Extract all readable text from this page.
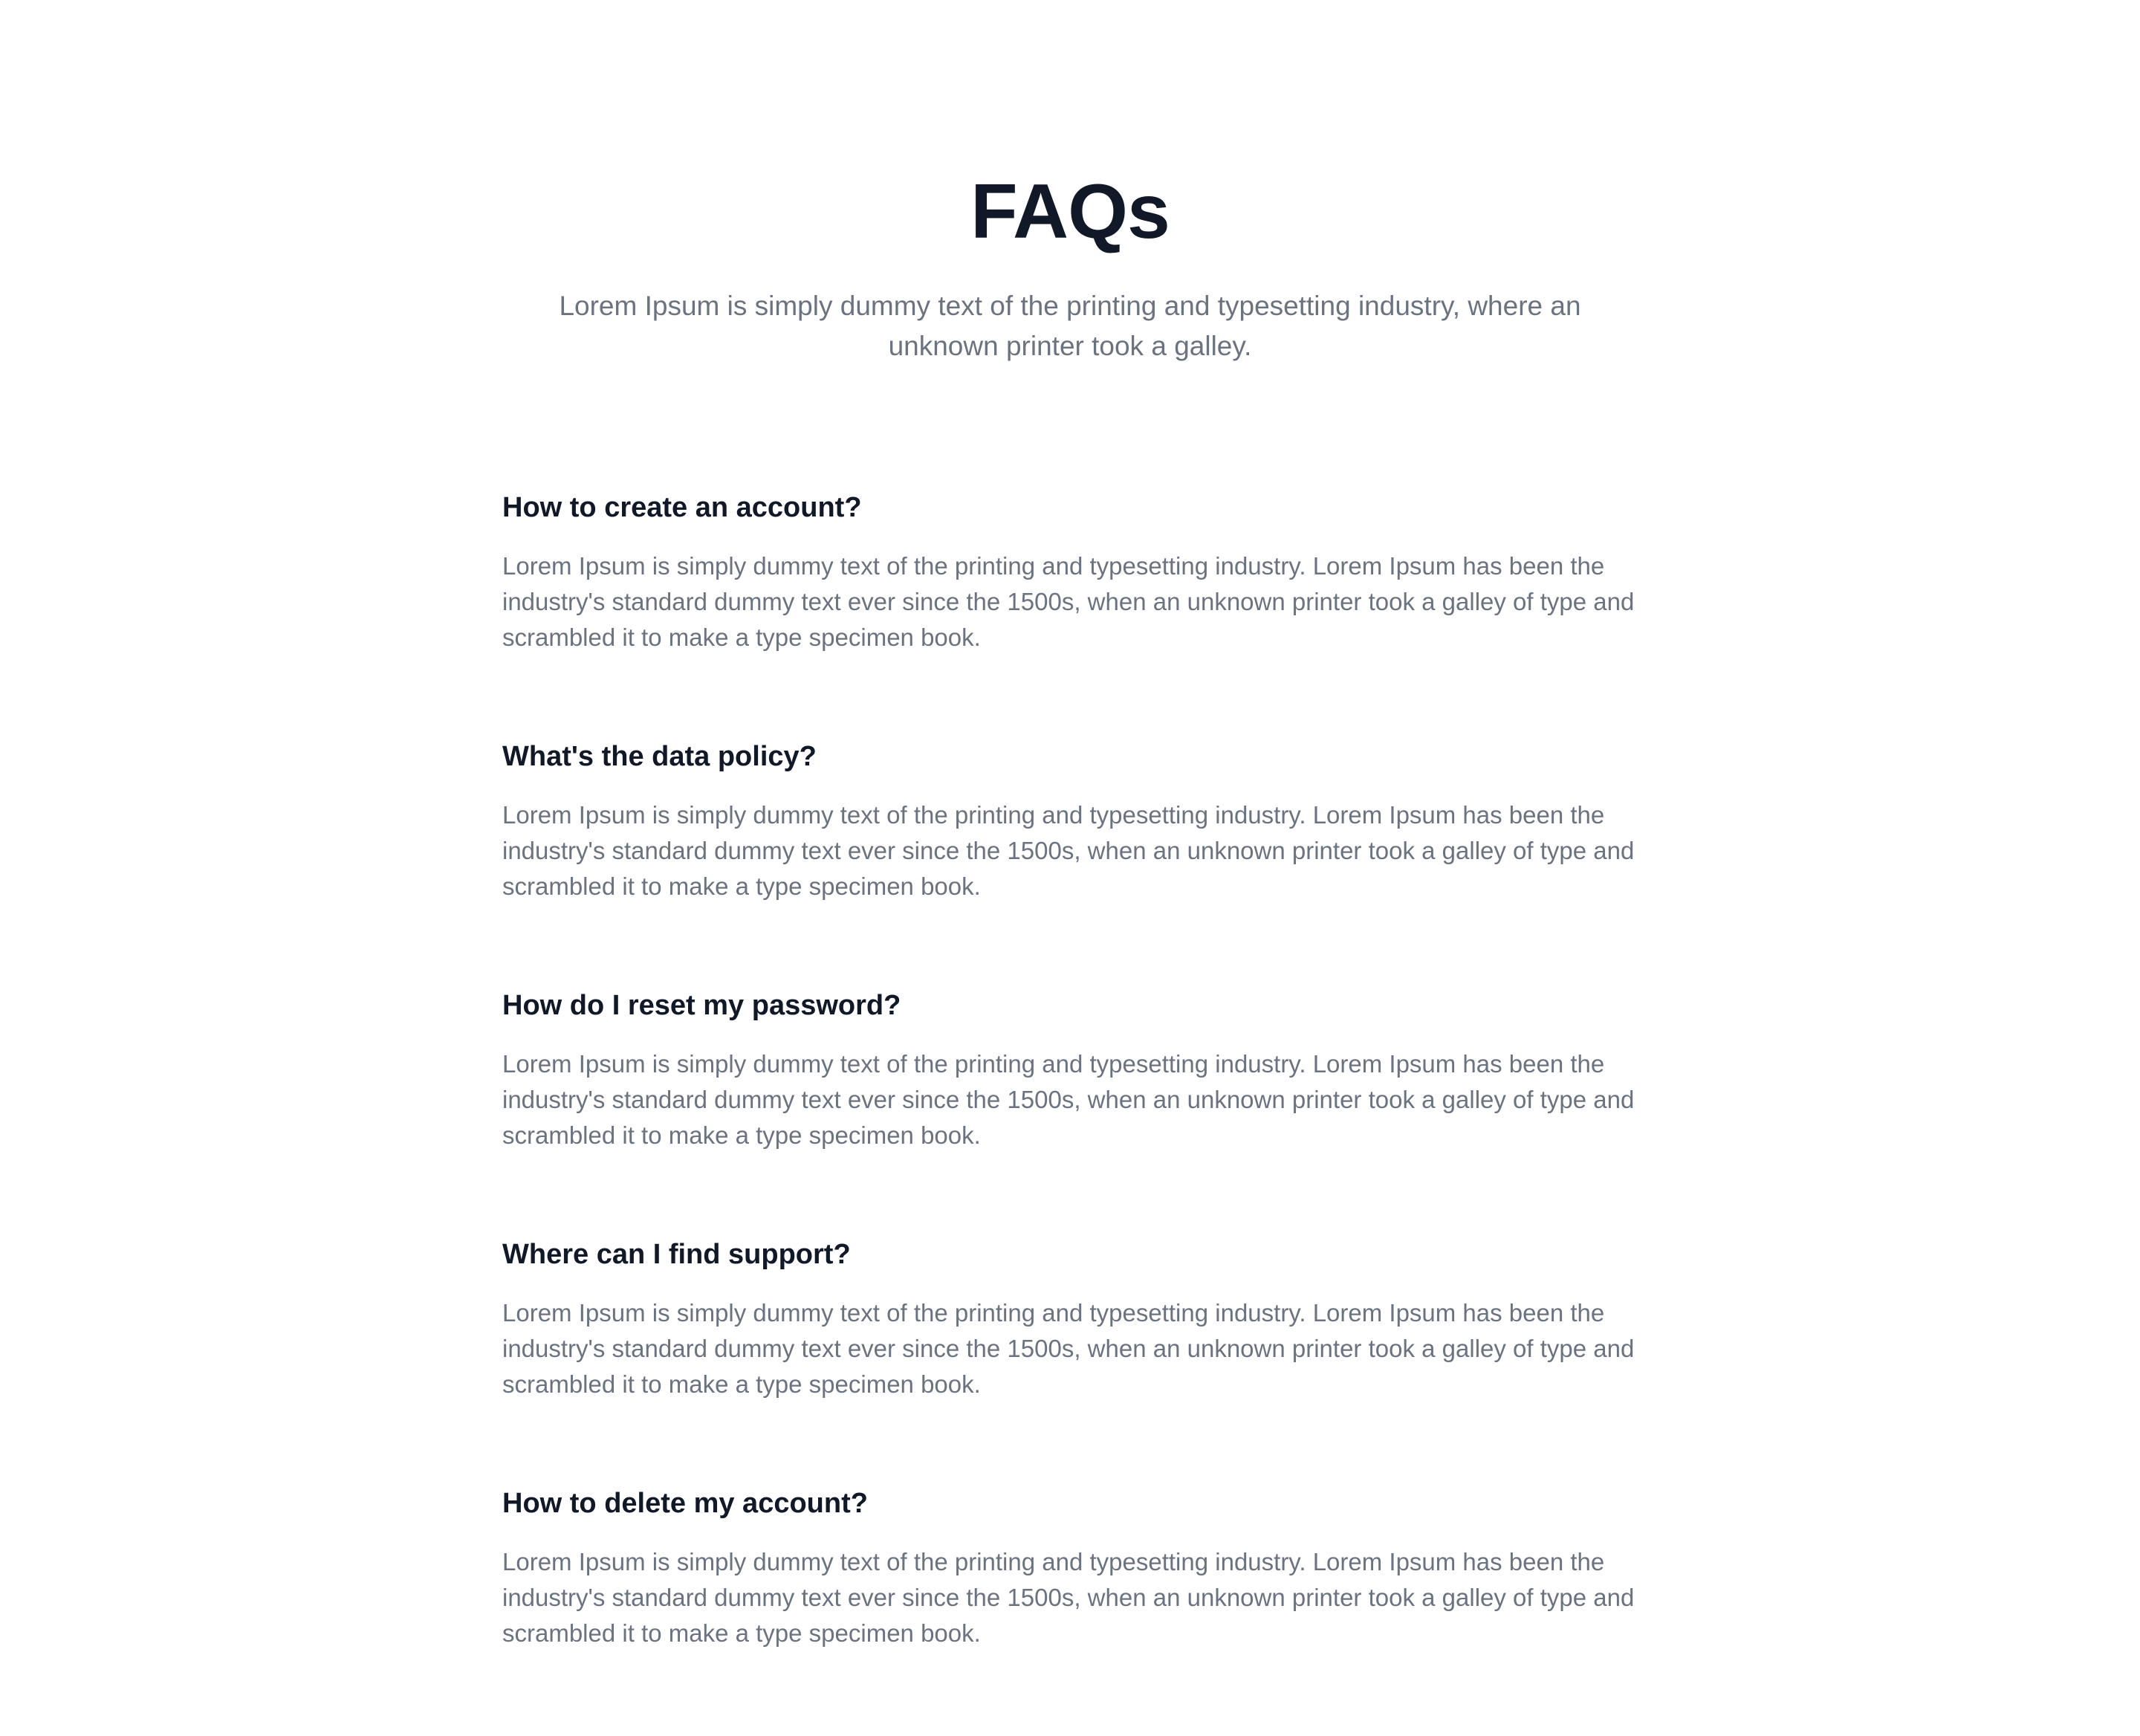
FAQs

Lorem Ipsum is simply dummy text of the printing and typesetting industry, where an unknown printer took a galley.

How to create an account?

Lorem Ipsum is simply dummy text of the printing and typesetting industry. Lorem Ipsum has been the industry's standard dummy text ever since the 1500s, when an unknown printer took a galley of type and scrambled it to make a type specimen book.

What's the data policy?

Lorem Ipsum is simply dummy text of the printing and typesetting industry. Lorem Ipsum has been the industry's standard dummy text ever since the 1500s, when an unknown printer took a galley of type and scrambled it to make a type specimen book.

How do I reset my password?

Lorem Ipsum is simply dummy text of the printing and typesetting industry. Lorem Ipsum has been the industry's standard dummy text ever since the 1500s, when an unknown printer took a galley of type and scrambled it to make a type specimen book.

Where can I find support?

Lorem Ipsum is simply dummy text of the printing and typesetting industry. Lorem Ipsum has been the industry's standard dummy text ever since the 1500s, when an unknown printer took a galley of type and scrambled it to make a type specimen book.

How to delete my account?

Lorem Ipsum is simply dummy text of the printing and typesetting industry. Lorem Ipsum has been the industry's standard dummy text ever since the 1500s, when an unknown printer took a galley of type and scrambled it to make a type specimen book.
